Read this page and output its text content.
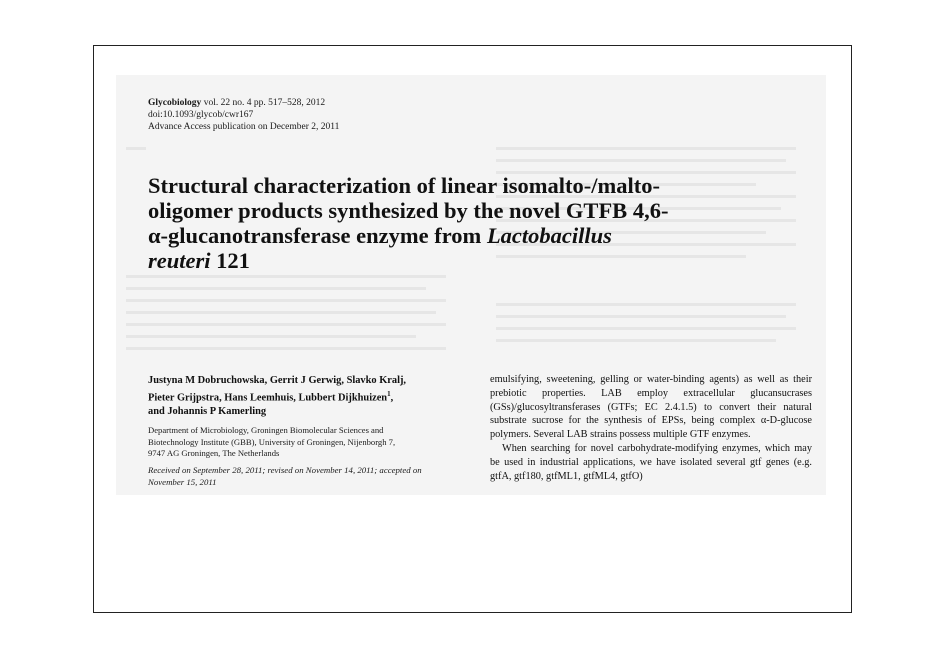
Glycobiology vol. 22 no. 4 pp. 517–528, 2012
doi:10.1093/glycob/cwr167
Advance Access publication on December 2, 2011
Structural characterization of linear isomalto-/malto-
oligomer products synthesized by the novel GTFB 4,6-
α-glucanotransferase enzyme from Lactobacillus
reuteri 121
Justyna M Dobruchowska, Gerrit J Gerwig, Slavko Kralj,
Pieter Grijpstra, Hans Leemhuis, Lubbert Dijkhuizen$^1$,
and Johannis P Kamerling
Department of Microbiology, Groningen Biomolecular Sciences and
Biotechnology Institute (GBB), University of Groningen, Nijenborgh 7,
9747 AG Groningen, The Netherlands
Received on September 28, 2011; revised on November 14, 2011; accepted on
November 15, 2011

emulsifying, sweetening, gelling or water-binding agents) as well as their prebiotic properties. LAB employ extracellular glucansucrases (GSs)/glucosyltransferases (GTFs; EC 2.4.1.5) to convert their natural substrate sucrose for the synthesis of EPSs, being complex α-D-glucose polymers. Several LAB strains possess multiple GTF enzymes.

When searching for novel carbohydrate-modifying enzymes, which may be used in industrial applications, we have isolated several gtf genes (e.g. gtfA, gtf180, gtfML1, gtfML4, gtfO)
